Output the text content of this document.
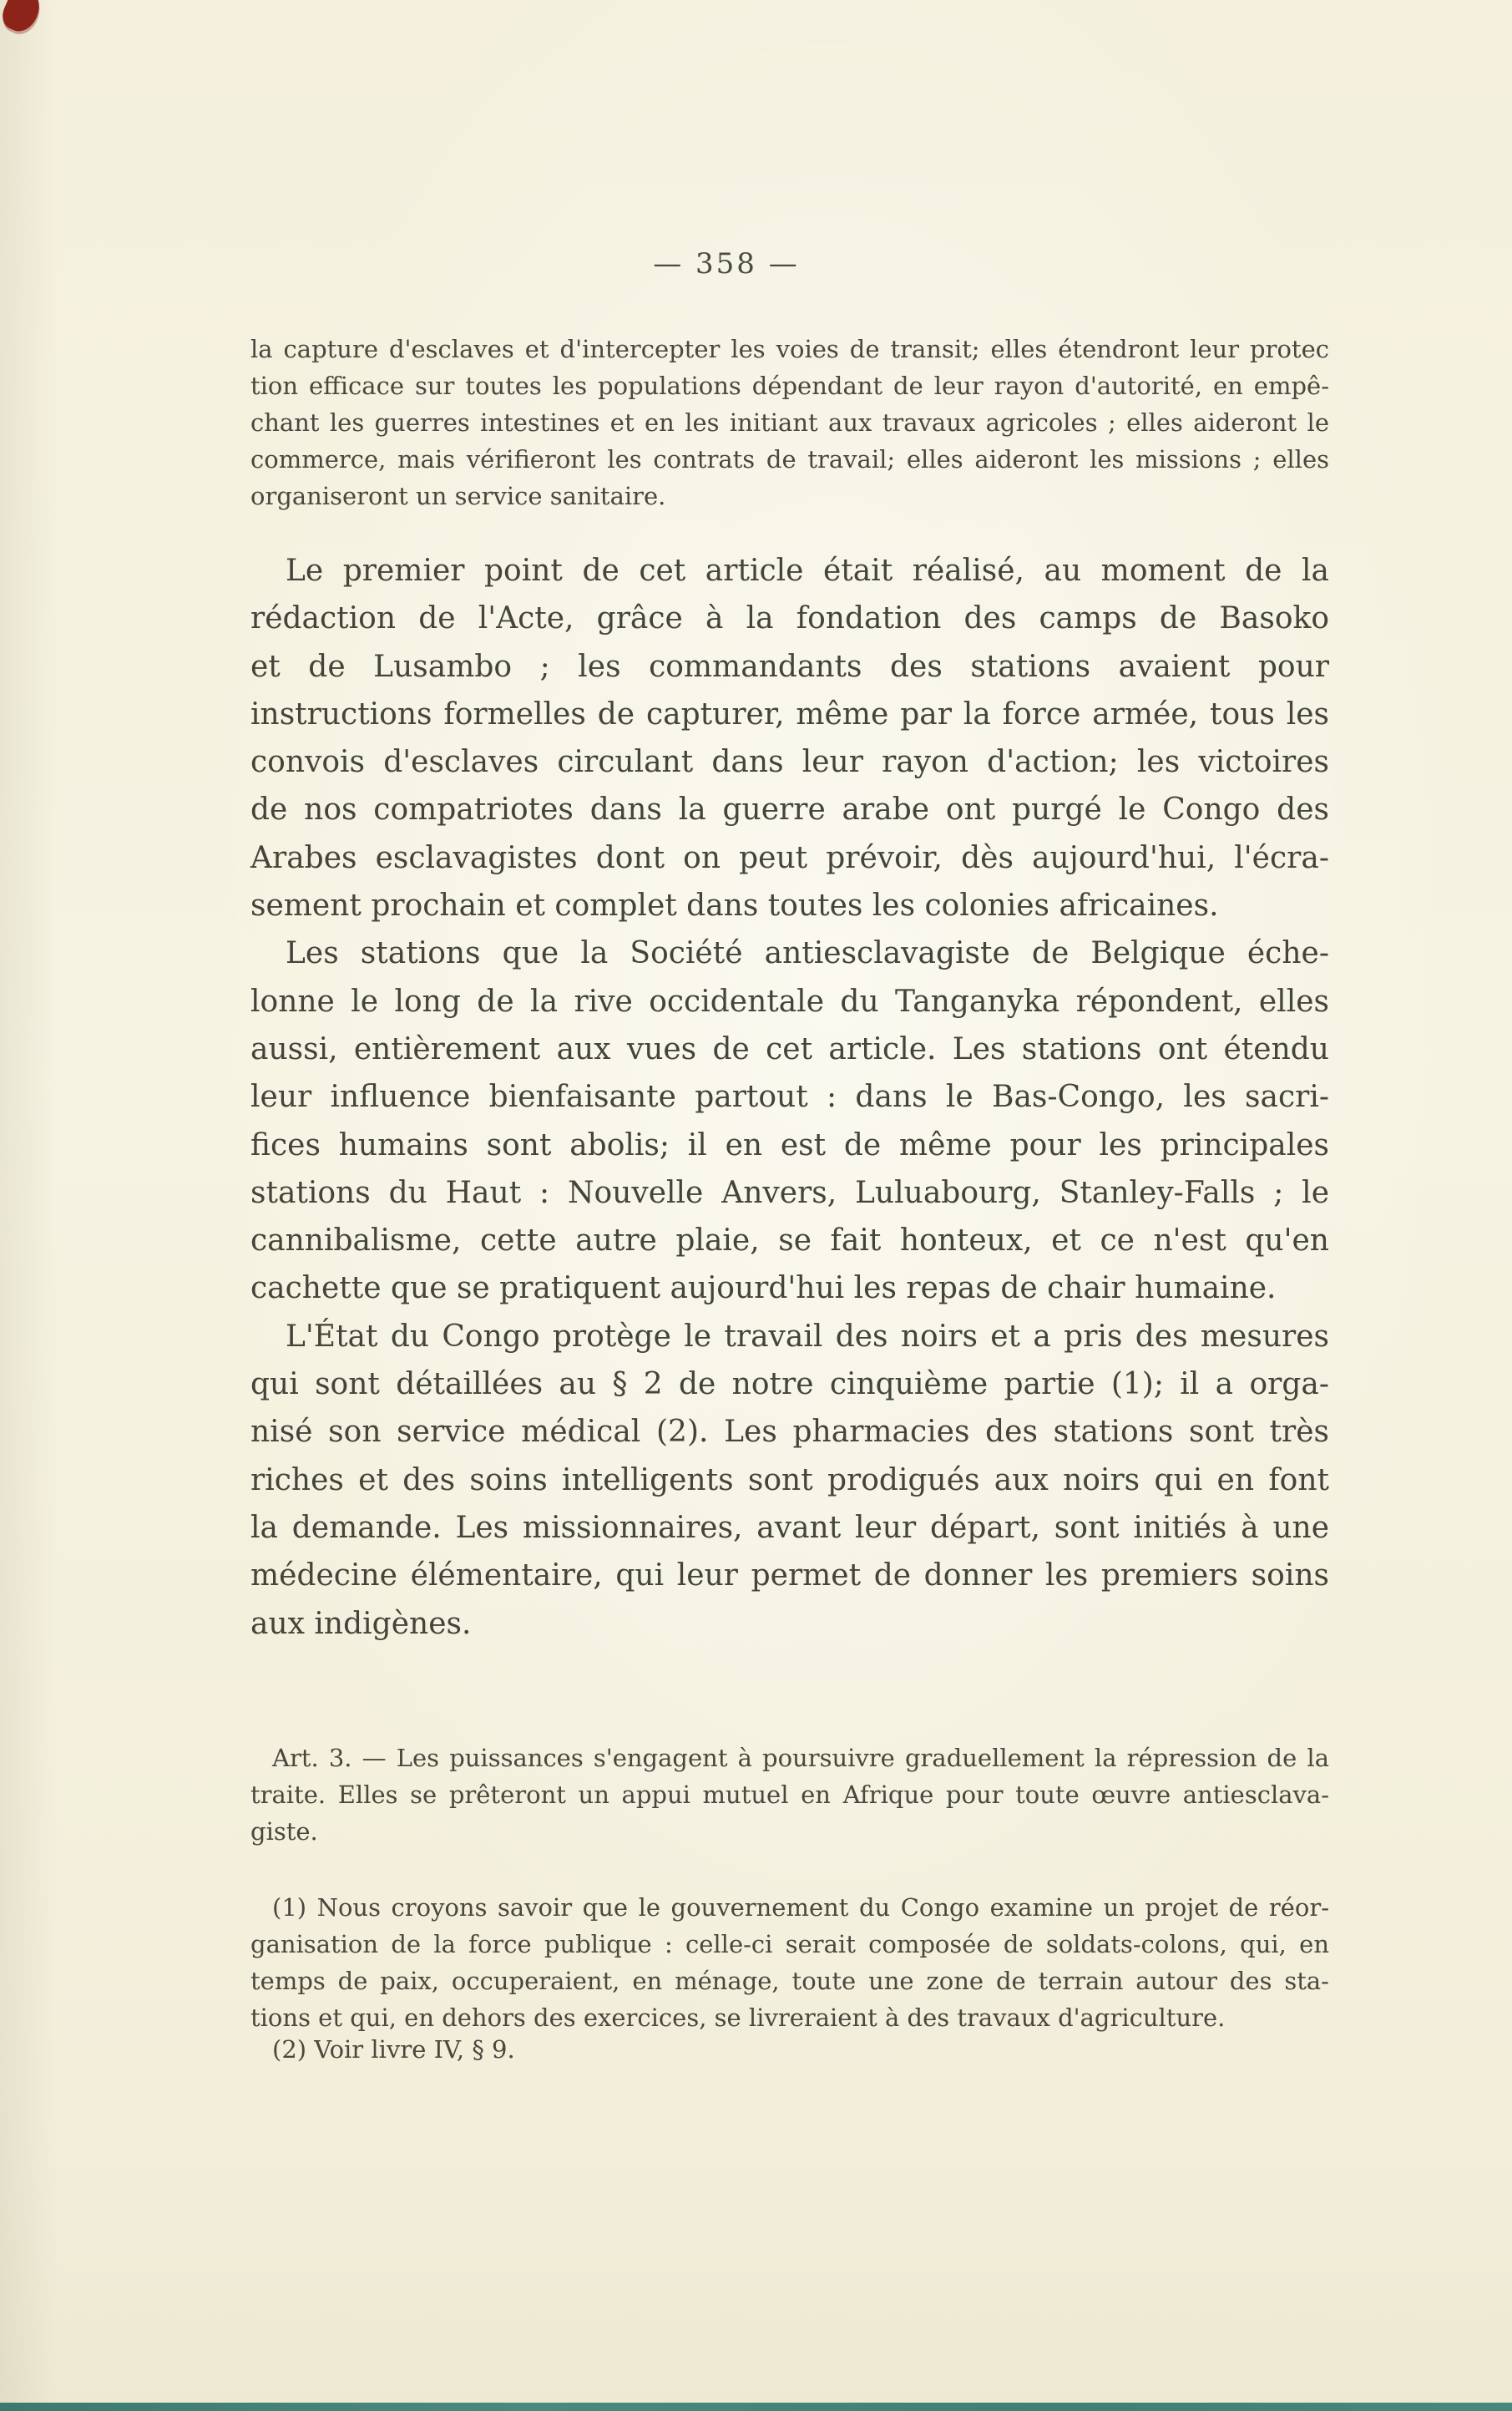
— 358 —
la capture d'esclaves et d'intercepter les voies de transit; elles étendront leur protec
tion efficace sur toutes les populations dépendant de leur rayon d'autorité, en empê-
chant les guerres intestines et en les initiant aux travaux agricoles ; elles aideront le
commerce, mais vérifieront les contrats de travail; elles aideront les missions ; elles
organiseront un service sanitaire.
Le premier point de cet article était réalisé, au moment de la
rédaction de l'Acte, grâce à la fondation des camps de Basoko
et de Lusambo ; les commandants des stations avaient pour
instructions formelles de capturer, même par la force armée, tous les
convois d'esclaves circulant dans leur rayon d'action; les victoires
de nos compatriotes dans la guerre arabe ont purgé le Congo des
Arabes esclavagistes dont on peut prévoir, dès aujourd'hui, l'écra-
sement prochain et complet dans toutes les colonies africaines.
Les stations que la Société antiesclavagiste de Belgique éche-
lonne le long de la rive occidentale du Tanganyka répondent, elles
aussi, entièrement aux vues de cet article. Les stations ont étendu
leur influence bienfaisante partout : dans le Bas-Congo, les sacri-
fices humains sont abolis; il en est de même pour les principales
stations du Haut : Nouvelle Anvers, Luluabourg, Stanley-Falls ; le
cannibalisme, cette autre plaie, se fait honteux, et ce n'est qu'en
cachette que se pratiquent aujourd'hui les repas de chair humaine.
L'État du Congo protège le travail des noirs et a pris des mesures
qui sont détaillées au § 2 de notre cinquième partie (1); il a orga-
nisé son service médical (2). Les pharmacies des stations sont très
riches et des soins intelligents sont prodigués aux noirs qui en font
la demande. Les missionnaires, avant leur départ, sont initiés à une
médecine élémentaire, qui leur permet de donner les premiers soins
aux indigènes.
Art. 3. — Les puissances s'engagent à poursuivre graduellement la répression de la
traite. Elles se prêteront un appui mutuel en Afrique pour toute œuvre antiesclava-
giste.
(1) Nous croyons savoir que le gouvernement du Congo examine un projet de réor-
ganisation de la force publique : celle-ci serait composée de soldats-colons, qui, en
temps de paix, occuperaient, en ménage, toute une zone de terrain autour des sta-
tions et qui, en dehors des exercices, se livreraient à des travaux d'agriculture.
(2) Voir livre IV, § 9.
